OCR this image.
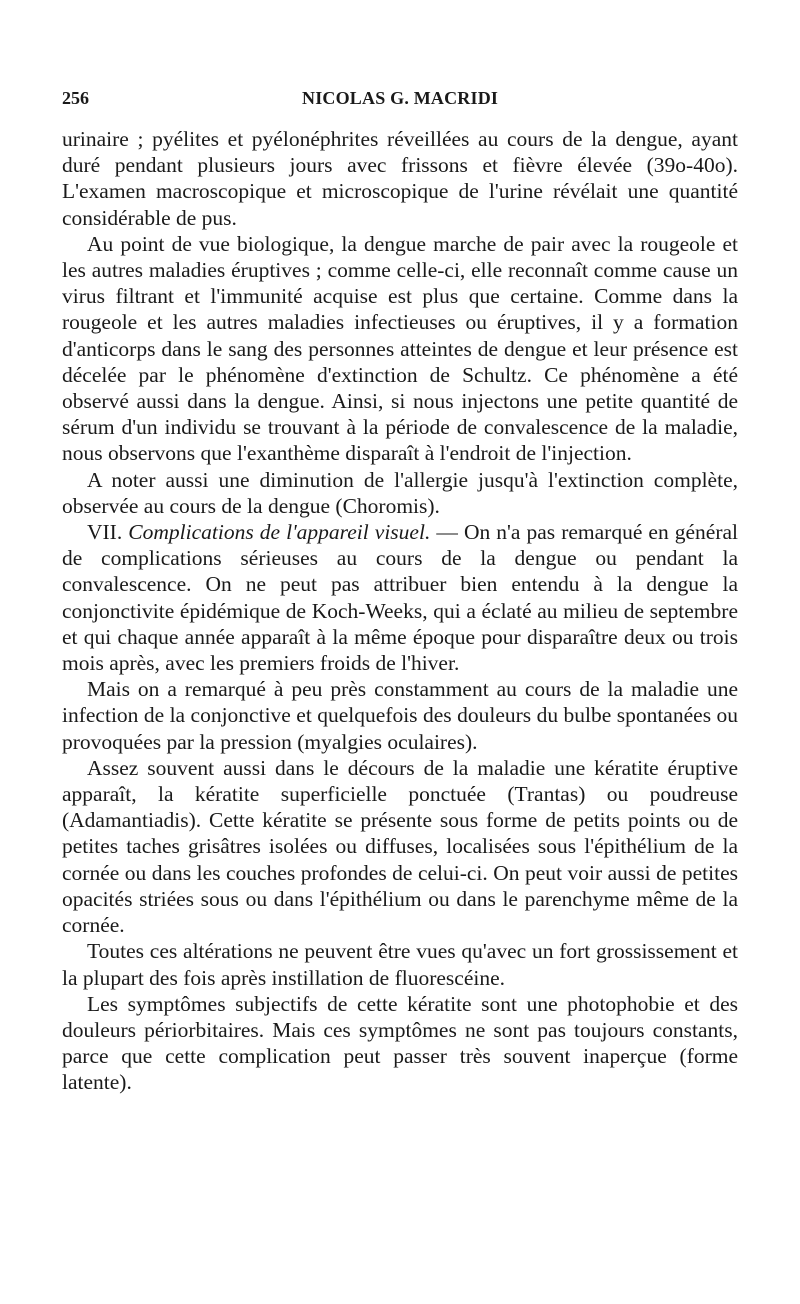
256	NICOLAS G. MACRIDI

urinaire ; pyélites et pyélonéphrites réveillées au cours de la dengue, ayant duré pendant plusieurs jours avec frissons et fièvre élevée (39o-40o). L'examen macroscopique et microscopique de l'urine révélait une quantité considérable de pus.

Au point de vue biologique, la dengue marche de pair avec la rougeole et les autres maladies éruptives ; comme celle-ci, elle reconnaît comme cause un virus filtrant et l'immunité acquise est plus que certaine. Comme dans la rougeole et les autres maladies infectieuses ou éruptives, il y a formation d'anticorps dans le sang des personnes atteintes de dengue et leur présence est décelée par le phénomène d'extinction de Schultz. Ce phénomène a été observé aussi dans la dengue. Ainsi, si nous injectons une petite quantité de sérum d'un individu se trouvant à la période de convalescence de la maladie, nous observons que l'exanthème disparaît à l'endroit de l'injection.

A noter aussi une diminution de l'allergie jusqu'à l'extinction complète, observée au cours de la dengue (Choromis).

VII. Complications de l'appareil visuel. — On n'a pas remarqué en général de complications sérieuses au cours de la dengue ou pendant la convalescence. On ne peut pas attribuer bien entendu à la dengue la conjonctivite épidémique de Koch-Weeks, qui a éclaté au milieu de septembre et qui chaque année apparaît à la même époque pour disparaître deux ou trois mois après, avec les premiers froids de l'hiver.

Mais on a remarqué à peu près constamment au cours de la maladie une infection de la conjonctive et quelquefois des douleurs du bulbe spontanées ou provoquées par la pression (myalgies oculaires).

Assez souvent aussi dans le décours de la maladie une kératite éruptive apparaît, la kératite superficielle ponctuée (Trantas) ou poudreuse (Adamantiadis). Cette kératite se présente sous forme de petits points ou de petites taches grisâtres isolées ou diffuses, localisées sous l'épithélium de la cornée ou dans les couches profondes de celui-ci. On peut voir aussi de petites opacités striées sous ou dans l'épithélium ou dans le parenchyme même de la cornée.

Toutes ces altérations ne peuvent être vues qu'avec un fort grossissement et la plupart des fois après instillation de fluorescéine.

Les symptômes subjectifs de cette kératite sont une photophobie et des douleurs périorbitaires. Mais ces symptômes ne sont pas toujours constants, parce que cette complication peut passer très souvent inaperçue (forme latente).
